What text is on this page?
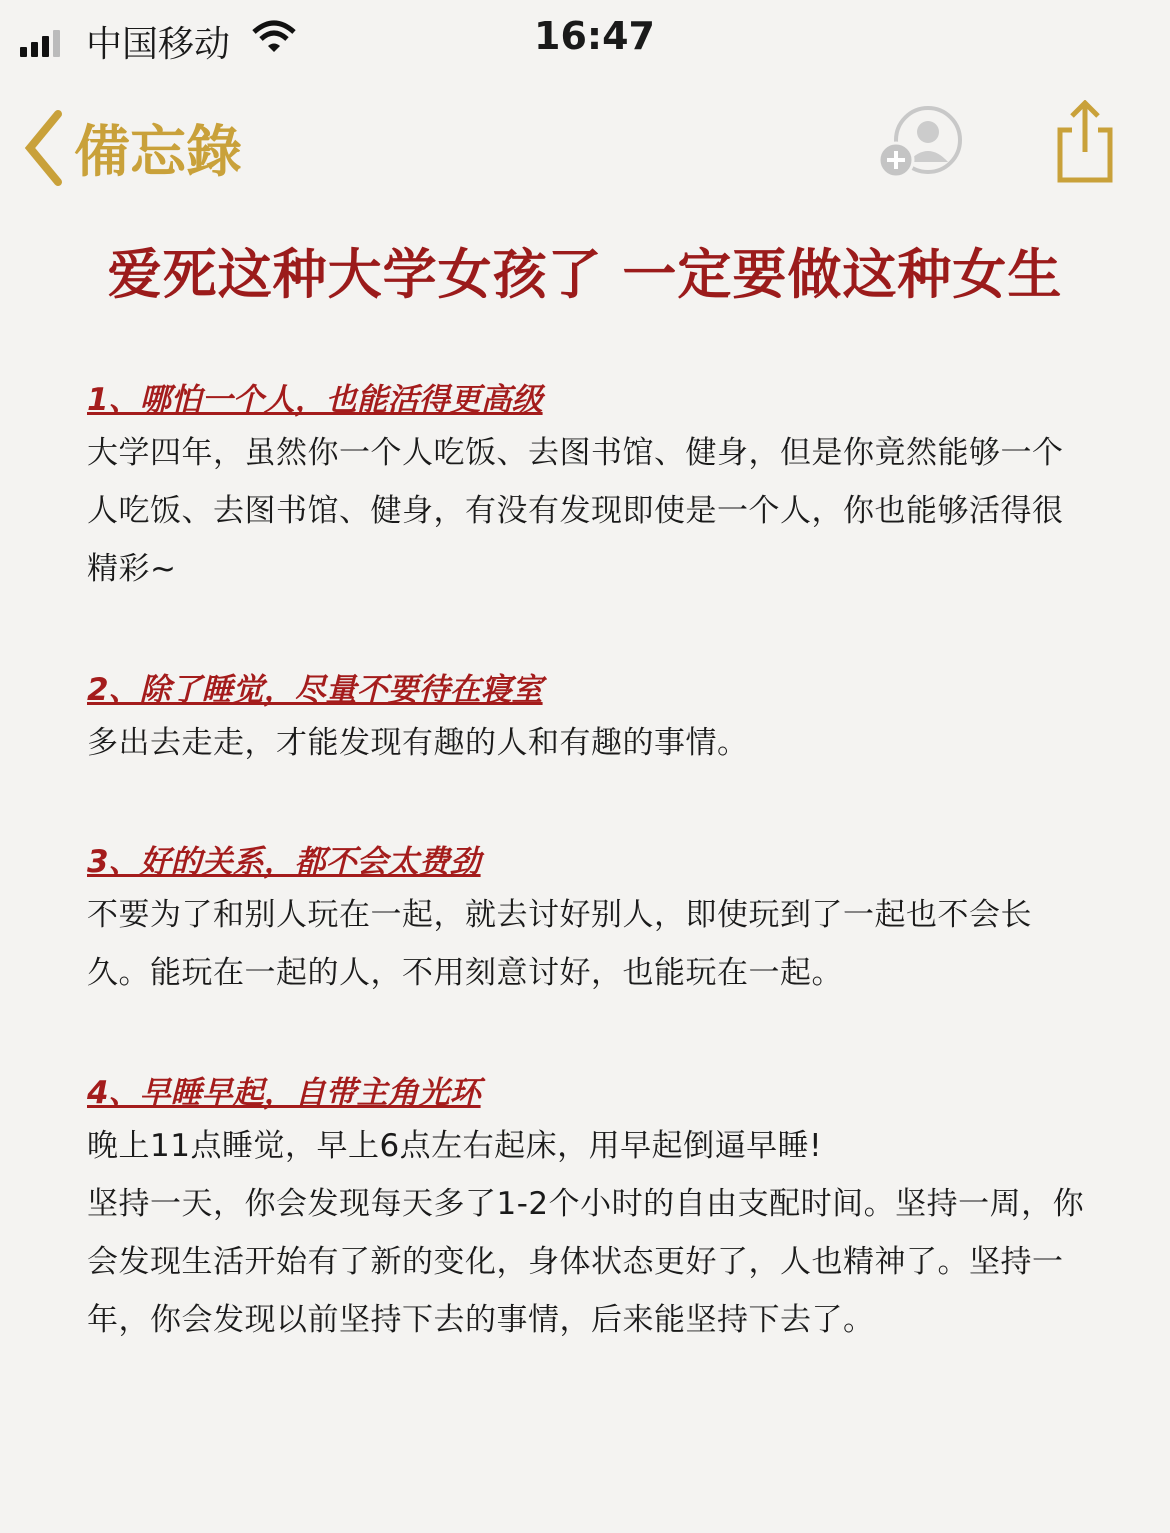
中国移动	16:47
備忘錄
爱死这种大学女孩了 一定要做这种女生
1、哪怕一个人，也能活得更高级

大学四年，虽然你一个人吃饭、去图书馆、健身，但是你竟然能够一个人吃饭、去图书馆、健身，有没有发现即使是一个人，你也能够活得很精彩~

2、除了睡觉，尽量不要待在寝室

多出去走走，才能发现有趣的人和有趣的事情。

3、好的关系，都不会太费劲

不要为了和别人玩在一起，就去讨好别人，即使玩到了一起也不会长久。能玩在一起的人，不用刻意讨好，也能玩在一起。

4、早睡早起，自带主角光环

晚上11点睡觉，早上6点左右起床，用早起倒逼早睡!

坚持一天，你会发现每天多了1-2个小时的自由支配时间。坚持一周，你会发现生活开始有了新的变化，身体状态更好了，人也精神了。坚持一年，你会发现以前坚持下去的事情，后来能坚持下去了。
